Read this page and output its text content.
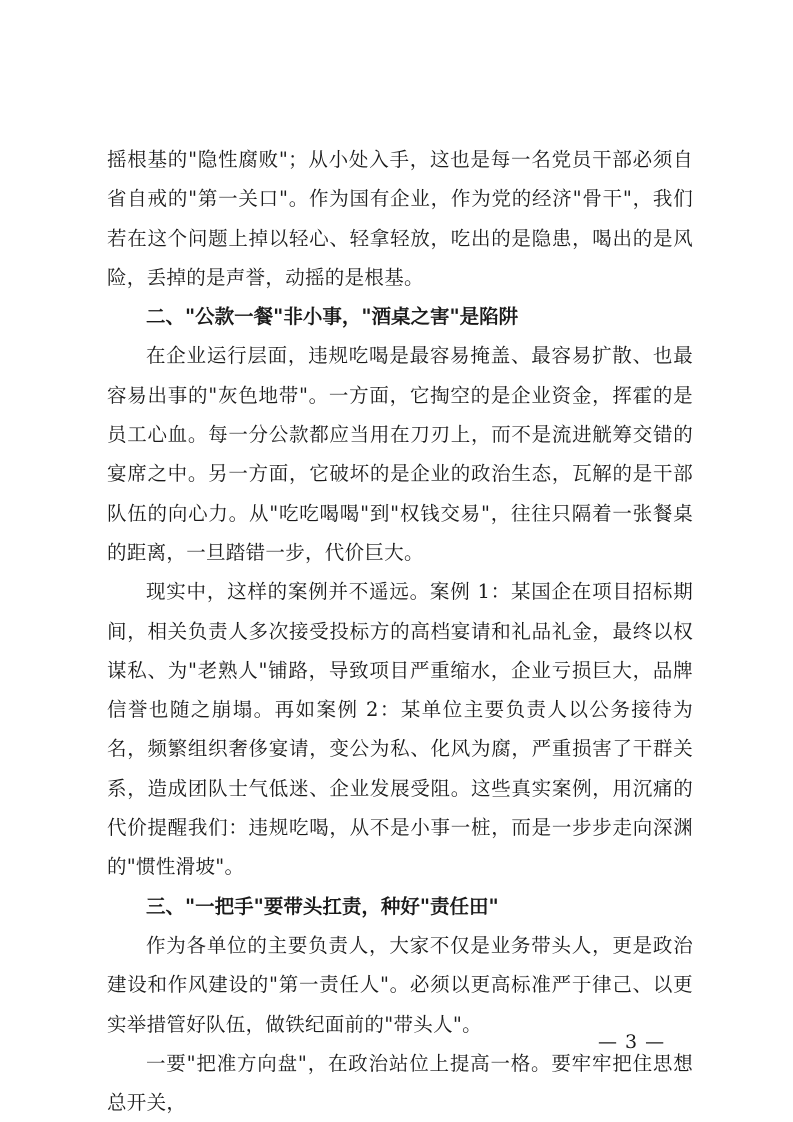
摇根基的"隐性腐败"；从小处入手，这也是每一名党员干部必须自省自戒的"第一关口"。作为国有企业，作为党的经济"骨干"，我们若在这个问题上掉以轻心、轻拿轻放，吃出的是隐患，喝出的是风险，丢掉的是声誉，动摇的是根基。

二、"公款一餐"非小事，"酒桌之害"是陷阱

在企业运行层面，违规吃喝是最容易掩盖、最容易扩散、也最容易出事的"灰色地带"。一方面，它掏空的是企业资金，挥霍的是员工心血。每一分公款都应当用在刀刃上，而不是流进觥筹交错的宴席之中。另一方面，它破坏的是企业的政治生态，瓦解的是干部队伍的向心力。从"吃吃喝喝"到"权钱交易"，往往只隔着一张餐桌的距离，一旦踏错一步，代价巨大。

现实中，这样的案例并不遥远。案例 1：某国企在项目招标期间，相关负责人多次接受投标方的高档宴请和礼品礼金，最终以权谋私、为"老熟人"铺路，导致项目严重缩水，企业亏损巨大，品牌信誉也随之崩塌。再如案例 2：某单位主要负责人以公务接待为名，频繁组织奢侈宴请，变公为私、化风为腐，严重损害了干群关系，造成团队士气低迷、企业发展受阻。这些真实案例，用沉痛的代价提醒我们：违规吃喝，从不是小事一桩，而是一步步走向深渊的"惯性滑坡"。

三、"一把手"要带头扛责，种好"责任田"

作为各单位的主要负责人，大家不仅是业务带头人，更是政治建设和作风建设的"第一责任人"。必须以更高标准严于律己、以更实举措管好队伍，做铁纪面前的"带头人"。

一要"把准方向盘"，在政治站位上提高一格。要牢牢把住思想总开关，

— 3 —
